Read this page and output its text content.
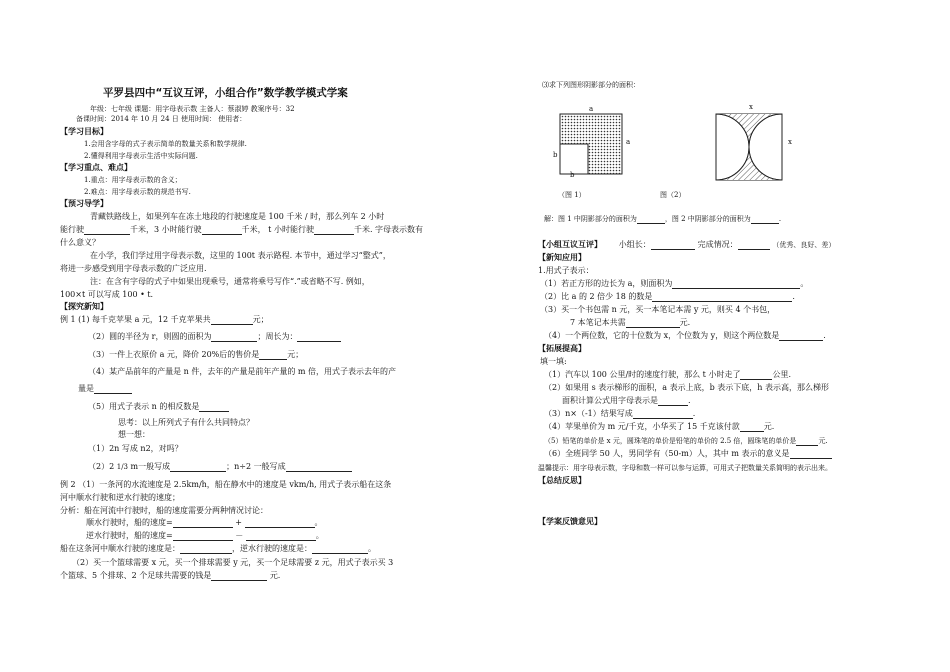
平罗县四中“互议互评，小组合作”数学教学模式学案
年级：七年级 课题：用字母表示数 主备人：蔡淑婷 教案序号：32
备课时间：2014 年 10 月 24 日 使用时间： 使用者：
【学习目标】
1.会用含字母的式子表示简单的数量关系和数学规律.
2.懂得利用字母表示生活中实际问题.
【学习重点、难点】
1.重点：用字母表示数的含义；
2.难点：用字母表示数的规范书写.
【预习导学】
青藏铁路线上，如果列车在冻土地段的行驶速度是 100 千米 / 时，那么列车 2 小时
能行驶	千米，3 小时能行驶	千米， t 小时能行驶	千米. 字母表示数有
什么意义？
在小学，我们学过用字母表示数，这里的 100t 表示路程. 本节中，通过学习“整式”，
将进一步感受到用字母表示数的广泛应用.
注：在含有字母的式子中如果出现乘号，通常将乘号写作“.”或省略不写. 例如，
100×t 可以写成 100 • t.
【探究新知】
例 1 (1) 每千克苹果 a 元，12 千克苹果共	元；
（2）圆的半径为 r，则圆的面积为	；周长为：
（3）一件上衣原价 a 元，降价 20%后的售价是	元；
（4）某产品前年的产量是 n 件，去年的产量是前年产量的 m 倍，用式子表示去年的产
量是
（5）用式子表示 n 的相反数是
思考：以上所列式子有什么共同特点？
想一想：
（1）2n 写成 n2，对吗？
（2）2 1/3 m一般写成	；n÷2 一般写成
例 2 （1）一条河的水流速度是 2.5km/h，船在静水中的速度是 vkm/h, 用式子表示船在这条
河中顺水行驶和逆水行驶的速度；
分析：船在河流中行驶时，船的速度需要分两种情况讨论：
顺水行驶时，船的速度=	+	。
逆水行驶时，船的速度=	－	。
船在这条河中顺水行驶的速度是：	，逆水行驶的速度是：	。
（2）买一个篮球需要 x 元，买一个排球需要 y 元，买一个足球需要 z 元，用式子表示买 3
个篮球、5 个排球、2 个足球共需要的钱是	元.
⑶求下列图形阴影部分的面积：
a
a
b
b
x
x
（图 1）	图（2）
解：图 1 中阴影部分的面积为	，图 2 中阴影部分的面积为	.
【小组互议互评】 小组长：	完成情况：	（优秀、良好、差）
【新知应用】
1.用式子表示：
（1）若正方形的边长为 a，则面积为	。
（2）比 a 的 2 倍少 18 的数是	.
（3）买一个书包需 n 元，买一本笔记本需 y 元，则买 4 个书包，
7 本笔记本共需	元.
（4）一个两位数，它的十位数为 x，个位数为 y，则这个两位数是	.
【拓展提高】
填一填:
（1）汽车以 100 公里/时的速度行驶，那么 t 小时走了	公里.
（2）如果用 s 表示梯形的面积，a 表示上底，b 表示下底，h 表示高，那么梯形
面积计算公式用字母表示是	.
（3）n×（-1）结果写成	.
（4）苹果单价为 m 元/千克，小华买了 15 千克该付款	元.
（5）铅笔的单价是 x 元，圆珠笔的单价是铅笔的单价的 2.5 倍，圆珠笔的单价是	元.
（6）全班同学 50 人，男同学有（50-m）人，其中 m 表示的意义是
温馨提示：用字母表示数，字母和数一样可以参与运算，可用式子把数量关系简明的表示出来。
【总结反思】
【学案反馈意见】
